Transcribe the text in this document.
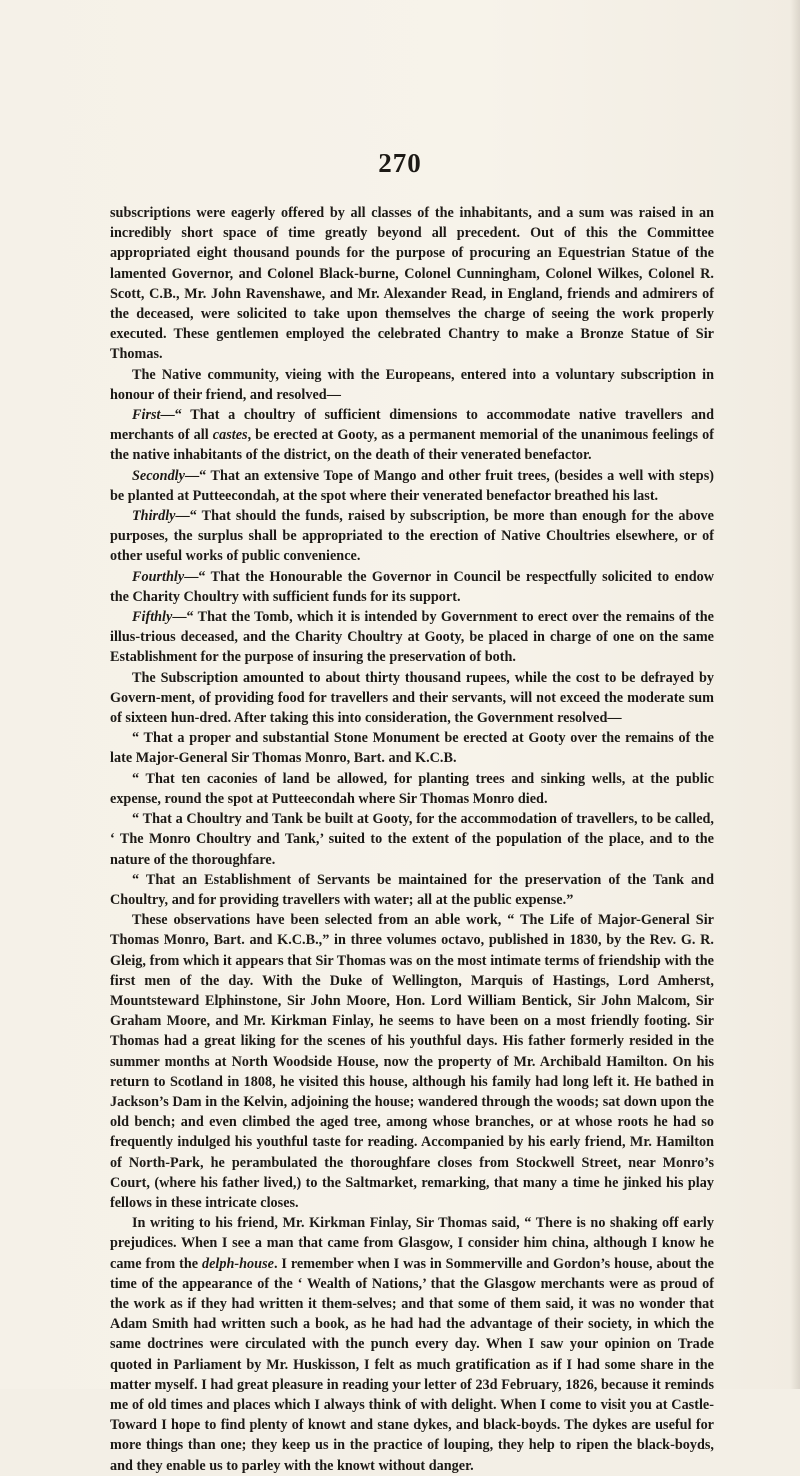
270

subscriptions were eagerly offered by all classes of the inhabitants, and a sum was raised in an incredibly short space of time greatly beyond all precedent. Out of this the Committee appropriated eight thousand pounds for the purpose of procuring an Equestrian Statue of the lamented Governor, and Colonel Black-burne, Colonel Cunningham, Colonel Wilkes, Colonel R. Scott, C.B., Mr. John Ravenshawe, and Mr. Alexander Read, in England, friends and admirers of the deceased, were solicited to take upon themselves the charge of seeing the work properly executed. These gentlemen employed the celebrated Chantry to make a Bronze Statue of Sir Thomas.

The Native community, vieing with the Europeans, entered into a voluntary subscription in honour of their friend, and resolved—

First—“ That a choultry of sufficient dimensions to accommodate native travellers and merchants of all castes, be erected at Gooty, as a permanent memorial of the unanimous feelings of the native inhabitants of the district, on the death of their venerated benefactor.

Secondly—“ That an extensive Tope of Mango and other fruit trees, (besides a well with steps) be planted at Putteecondah, at the spot where their venerated benefactor breathed his last.

Thirdly—“ That should the funds, raised by subscription, be more than enough for the above purposes, the surplus shall be appropriated to the erection of Native Choultries elsewhere, or of other useful works of public convenience.

Fourthly—“ That the Honourable the Governor in Council be respectfully solicited to endow the Charity Choultry with sufficient funds for its support.

Fifthly—“ That the Tomb, which it is intended by Government to erect over the remains of the illus-trious deceased, and the Charity Choultry at Gooty, be placed in charge of one on the same Establishment for the purpose of insuring the preservation of both.

The Subscription amounted to about thirty thousand rupees, while the cost to be defrayed by Govern-ment, of providing food for travellers and their servants, will not exceed the moderate sum of sixteen hun-dred. After taking this into consideration, the Government resolved—

“ That a proper and substantial Stone Monument be erected at Gooty over the remains of the late Major-General Sir Thomas Monro, Bart. and K.C.B.

“ That ten caconies of land be allowed, for planting trees and sinking wells, at the public expense, round the spot at Putteecondah where Sir Thomas Monro died.

“ That a Choultry and Tank be built at Gooty, for the accommodation of travellers, to be called, ‘ The Monro Choultry and Tank,’ suited to the extent of the population of the place, and to the nature of the thoroughfare.

“ That an Establishment of Servants be maintained for the preservation of the Tank and Choultry, and for providing travellers with water; all at the public expense.”

These observations have been selected from an able work, “ The Life of Major-General Sir Thomas Monro, Bart. and K.C.B.,” in three volumes octavo, published in 1830, by the Rev. G. R. Gleig, from which it appears that Sir Thomas was on the most intimate terms of friendship with the first men of the day. With the Duke of Wellington, Marquis of Hastings, Lord Amherst, Mountsteward Elphinstone, Sir John Moore, Hon. Lord William Bentick, Sir John Malcom, Sir Graham Moore, and Mr. Kirkman Finlay, he seems to have been on a most friendly footing. Sir Thomas had a great liking for the scenes of his youthful days. His father formerly resided in the summer months at North Woodside House, now the property of Mr. Archibald Hamilton. On his return to Scotland in 1808, he visited this house, although his family had long left it. He bathed in Jackson’s Dam in the Kelvin, adjoining the house; wandered through the woods; sat down upon the old bench; and even climbed the aged tree, among whose branches, or at whose roots he had so frequently indulged his youthful taste for reading. Accompanied by his early friend, Mr. Hamilton of North-Park, he perambulated the thoroughfare closes from Stockwell Street, near Monro’s Court, (where his father lived,) to the Saltmarket, remarking, that many a time he jinked his play fellows in these intricate closes.

In writing to his friend, Mr. Kirkman Finlay, Sir Thomas said, “ There is no shaking off early prejudices. When I see a man that came from Glasgow, I consider him china, although I know he came from the delph-house. I remember when I was in Sommerville and Gordon’s house, about the time of the appearance of the ‘ Wealth of Nations,’ that the Glasgow merchants were as proud of the work as if they had written it them-selves; and that some of them said, it was no wonder that Adam Smith had written such a book, as he had had the advantage of their society, in which the same doctrines were circulated with the punch every day. When I saw your opinion on Trade quoted in Parliament by Mr. Huskisson, I felt as much gratification as if I had some share in the matter myself. I had great pleasure in reading your letter of 23d February, 1826, because it reminds me of old times and places which I always think of with delight. When I come to visit you at Castle-Toward I hope to find plenty of knowt and stane dykes, and black-boyds. The dykes are useful for more things than one; they keep us in the practice of louping, they help to ripen the black-boyds, and they enable us to parley with the knowt without danger.
